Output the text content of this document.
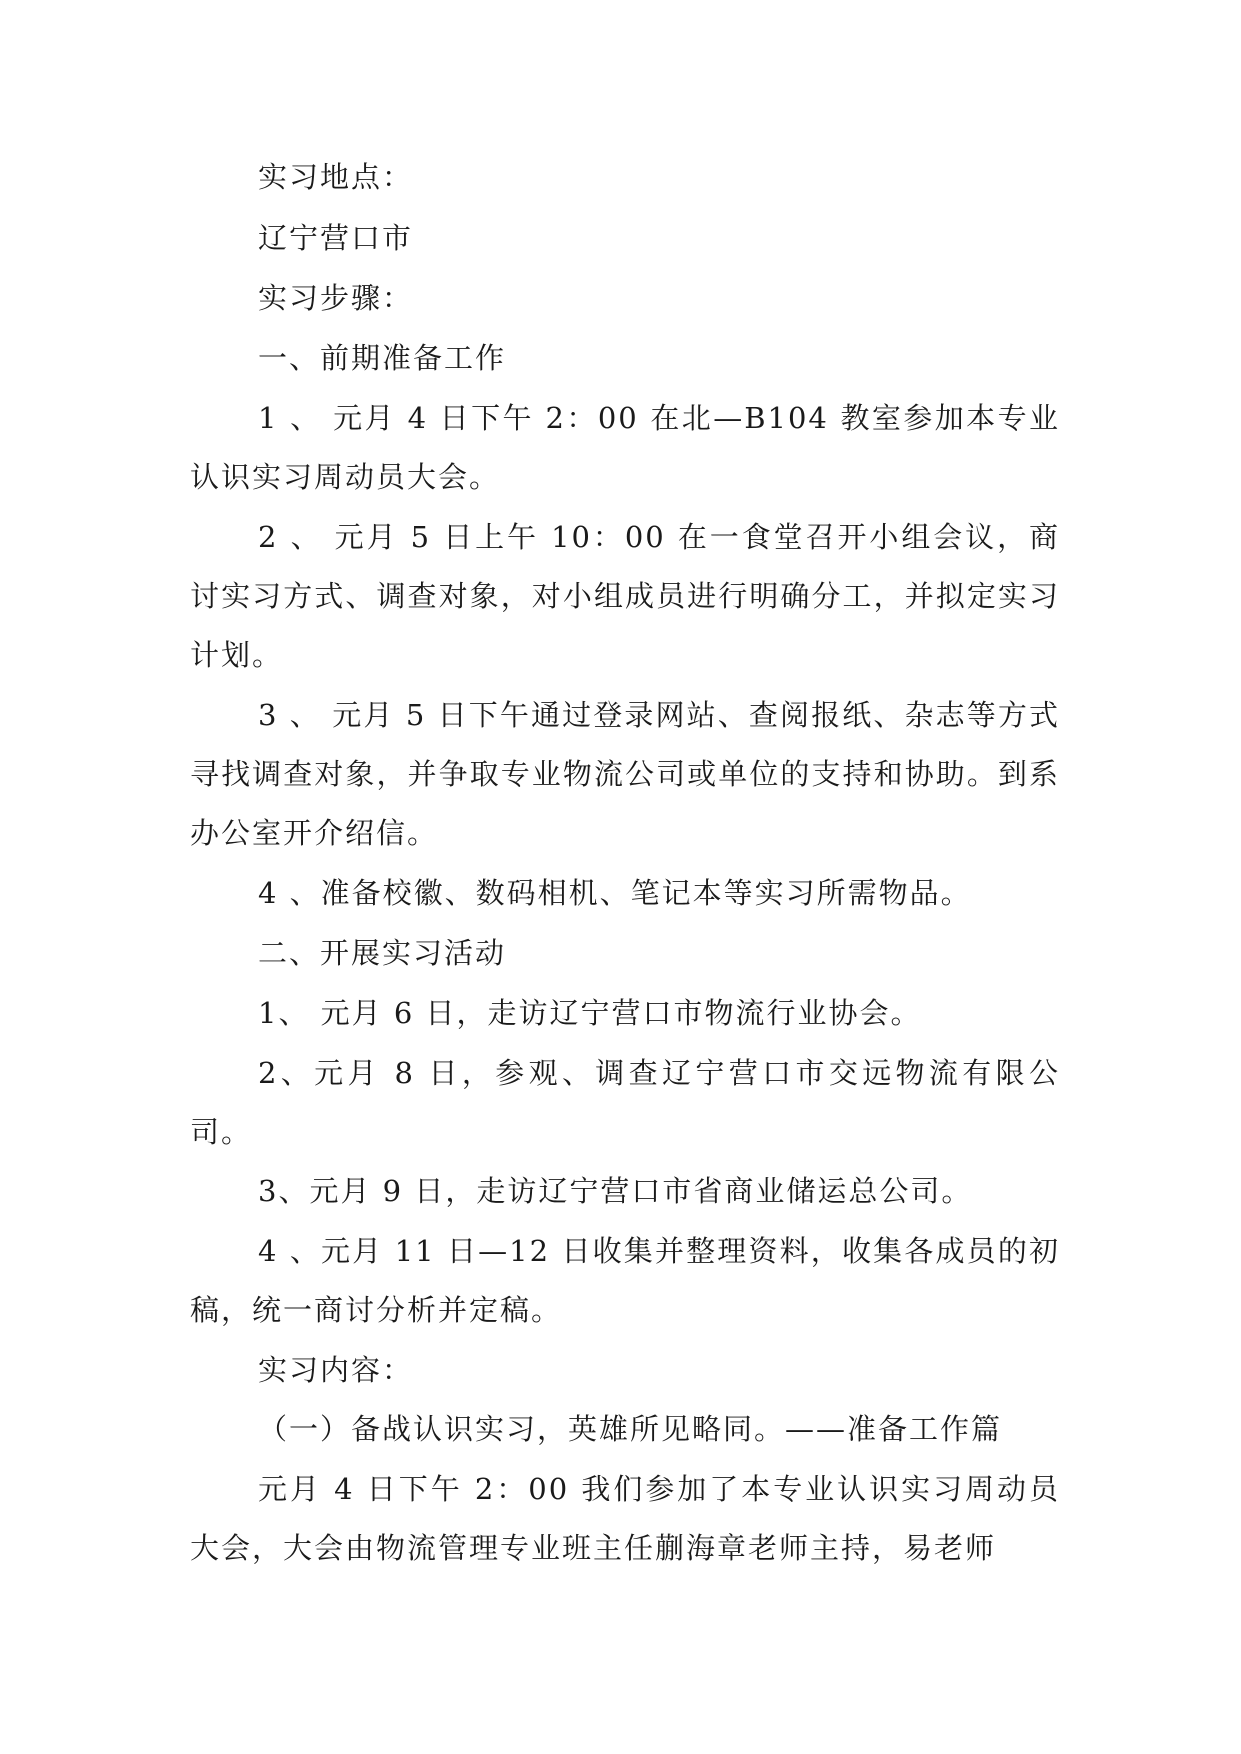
实习地点：

辽宁营口市

实习步骤：

一、前期准备工作

1 、 元月 4 日下午 2：00 在北—B104 教室参加本专业认识实习周动员大会。

2 、 元月 5 日上午 10：00 在一食堂召开小组会议，商讨实习方式、调查对象，对小组成员进行明确分工，并拟定实习计划。

3 、 元月 5 日下午通过登录网站、查阅报纸、杂志等方式寻找调查对象，并争取专业物流公司或单位的支持和协助。到系办公室开介绍信。

4 、准备校徽、数码相机、笔记本等实习所需物品。

二、开展实习活动

1、 元月 6 日，走访辽宁营口市物流行业协会。

2、元月 8 日，参观、调查辽宁营口市交远物流有限公司。

3、元月 9 日，走访辽宁营口市省商业储运总公司。

4 、元月 11 日—12 日收集并整理资料，收集各成员的初稿，统一商讨分析并定稿。

实习内容：

（一）备战认识实习，英雄所见略同。——准备工作篇

元月 4 日下午 2：00 我们参加了本专业认识实习周动员大会，大会由物流管理专业班主任蒯海章老师主持，易老师
